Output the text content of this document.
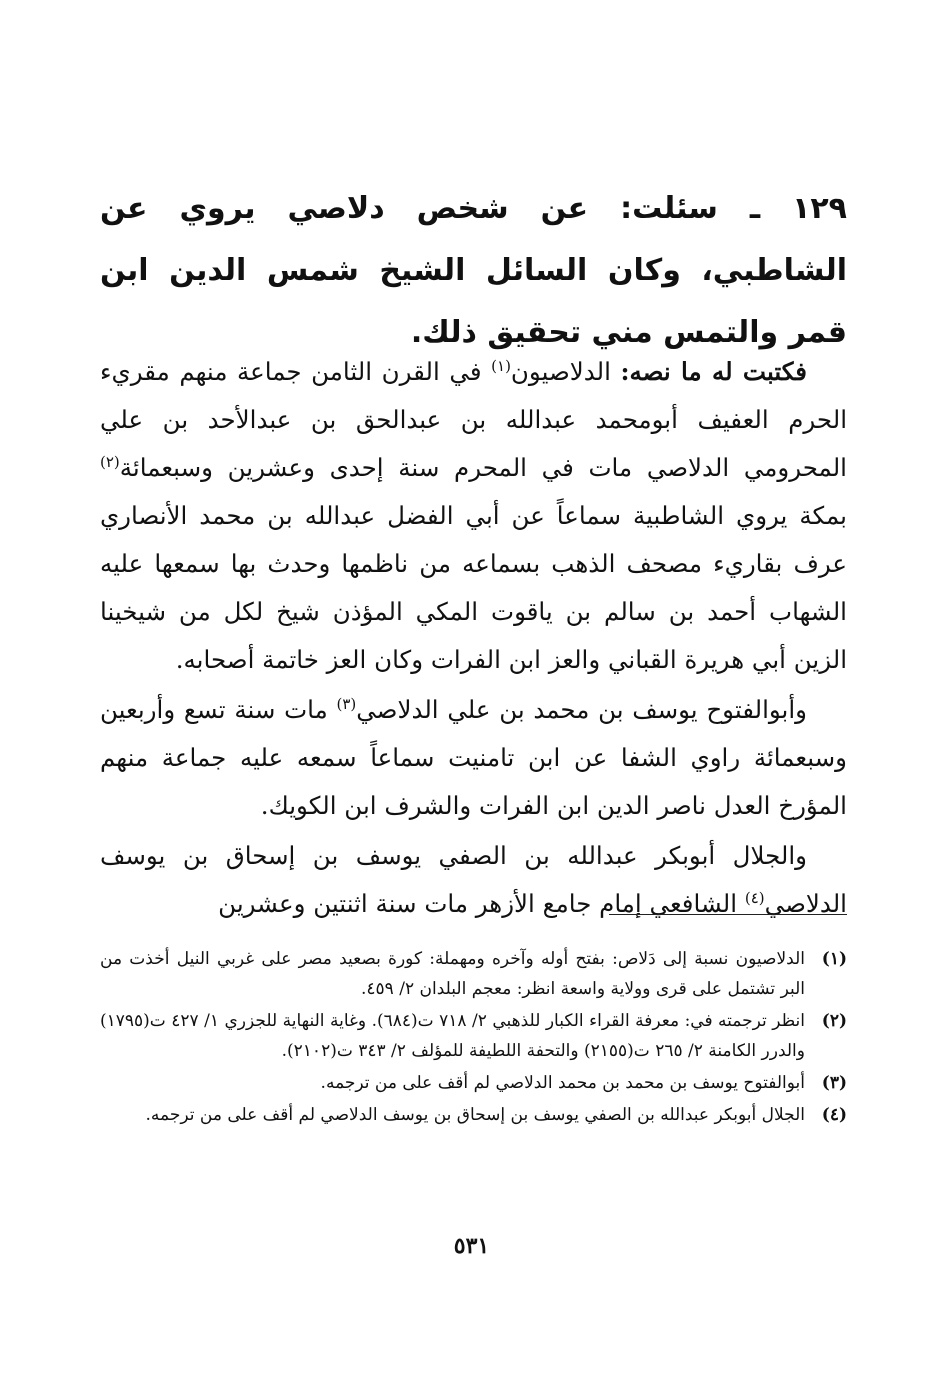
١٢٩ ـ سئلت: عن شخص دلاصي يروي عن الشاطبي، وكان السائل الشيخ شمس الدين ابن قمر والتمس مني تحقيق ذلك.

فكتبت له ما نصه: الدلاصيون$^{(١)}$ في القرن الثامن جماعة منهم مقريء الحرم العفيف أبومحمد عبدالله بن عبدالحق بن عبدالأحد بن علي المحرومي الدلاصي مات في المحرم سنة إحدى وعشرين وسبعمائة$^{(٢)}$ بمكة يروي الشاطبية سماعاً عن أبي الفضل عبدالله بن محمد الأنصاري عرف بقاريء مصحف الذهب بسماعه من ناظمها وحدث بها سمعها عليه الشهاب أحمد بن سالم بن ياقوت المكي المؤذن شيخ لكل من شيخينا الزين أبي هريرة القباني والعز ابن الفرات وكان العز خاتمة أصحابه.

وأبوالفتوح يوسف بن محمد بن علي الدلاصي$^{(٣)}$ مات سنة تسع وأربعين وسبعمائة راوي الشفا عن ابن تامنيت سماعاً سمعه عليه جماعة منهم المؤرخ العدل ناصر الدين ابن الفرات والشرف ابن الكويك.

والجلال أبوبكر عبدالله بن الصفي يوسف بن إسحاق بن يوسف الدلاصي$^{(٤)}$ الشافعي إمام جامع الأزهر مات سنة اثنتين وعشرين

(١)
الدلاصيون نسبة إلى دَلاص: بفتح أوله وآخره ومهملة: كورة بصعيد مصر على غربي النيل أخذت من البر تشتمل على قرى وولاية واسعة انظر: معجم البلدان ٢/ ٤٥٩.
(٢)
انظر ترجمته في: معرفة القراء الكبار للذهبي ٢/ ٧١٨ ت(٦٨٤). وغاية النهاية للجزري ١/ ٤٢٧ ت(١٧٩٥) والدرر الكامنة ٢/ ٢٦٥ ت(٢١٥٥) والتحفة اللطيفة للمؤلف ٢/ ٣٤٣ ت(٢١٠٢).
(٣)
أبوالفتوح يوسف بن محمد بن محمد الدلاصي لم أقف على من ترجمه.
(٤)
الجلال أبوبكر عبدالله بن الصفي يوسف بن إسحاق بن يوسف الدلاصي لم أقف على من ترجمه.
٥٣١
